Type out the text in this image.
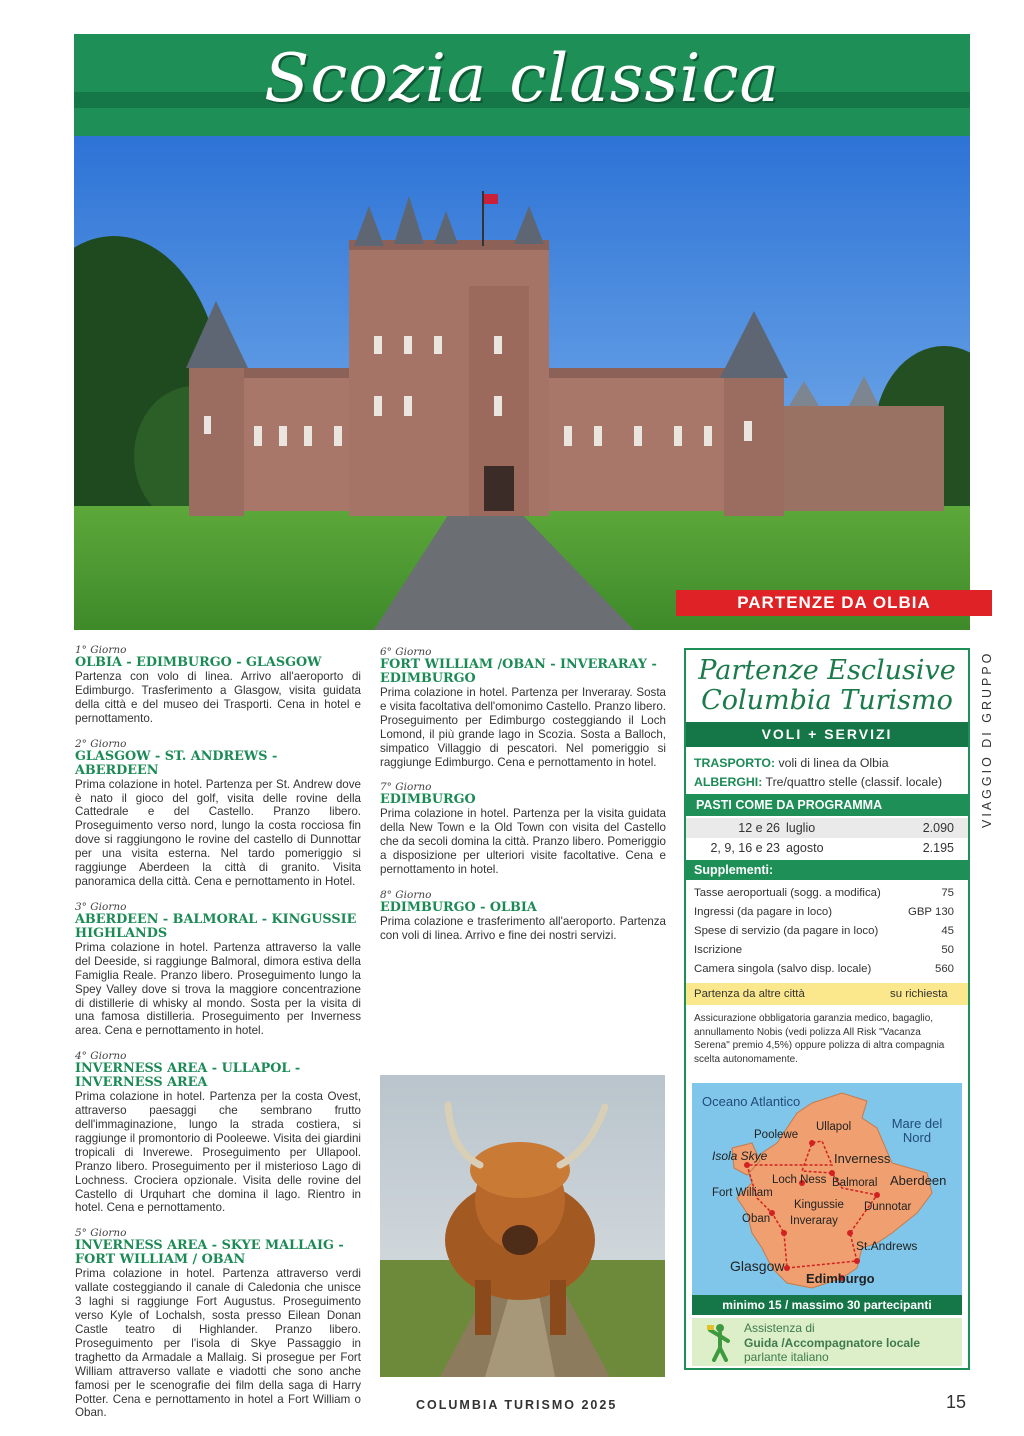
Scozia classica
PARTENZE DA OLBIA
1° Giorno
OLBIA - EDIMBURGO - GLASGOW
Partenza con volo di linea. Arrivo all'aeroporto di Edimburgo. Trasferimento a Glasgow, visita guidata della città e del museo dei Trasporti. Cena in hotel e pernottamento.
2° Giorno
GLASGOW - ST. ANDREWS - ABERDEEN
Prima colazione in hotel. Partenza per St. Andrew dove è nato il gioco del golf, visita delle rovine della Cattedrale e del Castello. Pranzo libero. Proseguimento verso nord, lungo la costa rocciosa fin dove si raggiungono le rovine del castello di Dunnottar per una visita esterna. Nel tardo pomeriggio si raggiunge Aberdeen la città di granito. Visita panoramica della città. Cena e pernottamento in Hotel.
3° Giorno
ABERDEEN - BALMORAL - KINGUSSIE HIGHLANDS
Prima colazione in hotel. Partenza attraverso la valle del Deeside, si raggiunge Balmoral, dimora estiva della Famiglia Reale. Pranzo libero. Proseguimento lungo la Spey Valley dove si trova la maggiore concentrazione di distillerie di whisky al mondo. Sosta per la visita di una famosa distilleria. Proseguimento per Inverness area. Cena e pernottamento in hotel.
4° Giorno
INVERNESS AREA - ULLAPOL - INVERNESS AREA
Prima colazione in hotel. Partenza per la costa Ovest, attraverso paesaggi che sembrano frutto dell'immaginazione, lungo la strada costiera, si raggiunge il promontorio di Pooleewe. Visita dei giardini tropicali di Inverewe. Proseguimento per Ullapool. Pranzo libero. Proseguimento per il misterioso Lago di Lochness. Crociera opzionale. Visita delle rovine del Castello di Urquhart che domina il lago. Rientro in hotel. Cena e pernottamento.
5° Giorno
INVERNESS AREA - SKYE MALLAIG - FORT WILLIAM / OBAN
Prima colazione in hotel. Partenza attraverso verdi vallate costeggiando il canale di Caledonia che unisce 3 laghi si raggiunge Fort Augustus. Proseguimento verso Kyle of Lochalsh, sosta presso Eilean Donan Castle teatro di Highlander. Pranzo libero. Proseguimento per l'isola di Skye Passaggio in traghetto da Armadale a Mallaig. Si prosegue per Fort William attraverso vallate e viadotti che sono anche famosi per le scenografie dei film della saga di Harry Potter. Cena e pernottamento in hotel a Fort William o Oban.
6° Giorno
FORT WILLIAM /OBAN - INVERARAY - EDIMBURGO
Prima colazione in hotel. Partenza per Inveraray. Sosta e visita facoltativa dell'omonimo Castello. Pranzo libero. Proseguimento per Edimburgo costeggiando il Loch Lomond, il più grande lago in Scozia. Sosta a Balloch, simpatico Villaggio di pescatori. Nel pomeriggio si raggiunge Edimburgo. Cena e pernottamento in hotel.
7° Giorno
EDIMBURGO
Prima colazione in hotel. Partenza per la visita guidata della New Town e la Old Town con visita del Castello che da secoli domina la città. Pranzo libero. Pomeriggio a disposizione per ulteriori visite facoltative. Cena e pernottamento in hotel.
8° Giorno
EDIMBURGO - OLBIA
Prima colazione e trasferimento all'aeroporto. Partenza con voli di linea. Arrivo e fine dei nostri servizi.
VIAGGIO DI GRUPPO
Partenze Esclusive
Columbia Turismo
VOLI + SERVIZI
TRASPORTO: voli di linea da Olbia
ALBERGHI: Tre/quattro stelle (classif. locale)
PASTI COME DA PROGRAMMA
12 e 26 luglio	2.090
2, 9, 16 e 23 agosto	2.195
Supplementi:
Tasse aeroportuali (sogg. a modifica)	75
Ingressi (da pagare in loco)	GBP 130
Spese di servizio (da pagare in loco)	45
Iscrizione	50
Camera singola (salvo disp. locale)	560
Partenza da altre città	su richiesta
Assicurazione obbligatoria garanzia medico, bagaglio, annullamento Nobis (vedi polizza All Risk "Vacanza Serena" premio 4,5%) oppure polizza di altra compagnia scelta autonomamente.
Oceano Atlantico
Mare del Nord
Poolewe
Ullapol
Isola Skye	Inverness
Loch Ness Balmoral Aberdeen
Fort William
Kingussie Dunnotar
Oban Inveraray
St.Andrews
Glasgow
Edimburgo
minimo 15 / massimo 30 partecipanti
Assistenza di
Guida /Accompagnatore locale
parlante italiano
COLUMBIA TURISMO 2025	15
